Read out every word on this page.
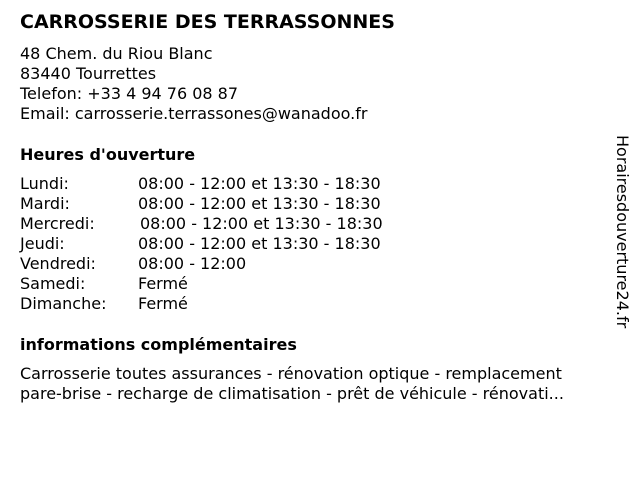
CARROSSERIE DES TERRASSONNES
48 Chem. du Riou Blanc
83440 Tourrettes
Telefon: +33 4 94 76 08 87
Email: carrosserie.terrassones@wanadoo.fr
Heures d'ouverture
Lundi:	08:00 - 12:00 et 13:30 - 18:30
Mardi:	08:00 - 12:00 et 13:30 - 18:30
Mercredi:	08:00 - 12:00 et 13:30 - 18:30
Jeudi:	08:00 - 12:00 et 13:30 - 18:30
Vendredi:	08:00 - 12:00
Samedi:	Fermé
Dimanche: Fermé
informations complémentaires
Carrosserie toutes assurances - rénovation optique - remplacement
pare-brise - recharge de climatisation - prêt de véhicule - rénovati...
Horairesdouverture24.fr
